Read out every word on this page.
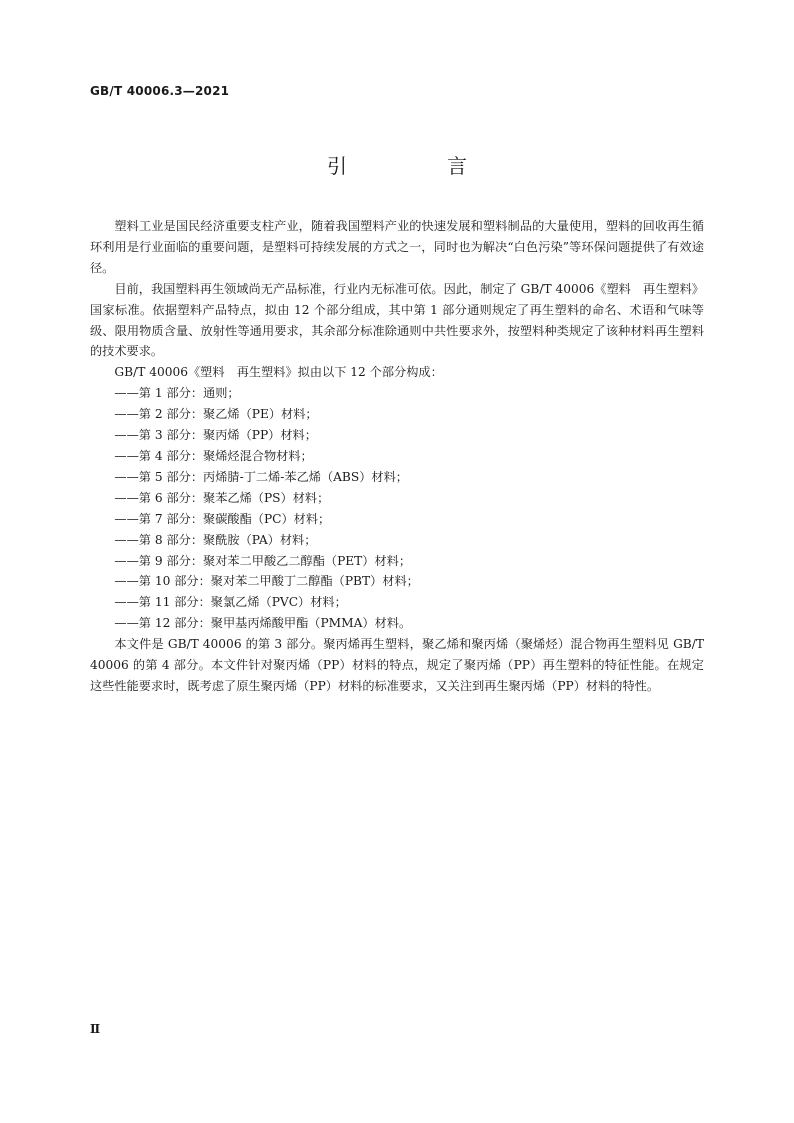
GB/T 40006.3—2021
引　言

塑料工业是国民经济重要支柱产业，随着我国塑料产业的快速发展和塑料制品的大量使用，塑料的回收再生循环利用是行业面临的重要问题，是塑料可持续发展的方式之一，同时也为解决“白色污染”等环保问题提供了有效途径。

目前，我国塑料再生领域尚无产品标准，行业内无标准可依。因此，制定了 GB/T 40006《塑料　再生塑料》国家标准。依据塑料产品特点，拟由 12 个部分组成，其中第 1 部分通则规定了再生塑料的命名、术语和气味等级、限用物质含量、放射性等通用要求，其余部分标准除通则中共性要求外，按塑料种类规定了该种材料再生塑料的技术要求。

GB/T 40006《塑料　再生塑料》拟由以下 12 个部分构成：

——第 1 部分：通则；

——第 2 部分：聚乙烯（PE）材料；

——第 3 部分：聚丙烯（PP）材料；

——第 4 部分：聚烯烃混合物材料；

——第 5 部分：丙烯腈-丁二烯-苯乙烯（ABS）材料；

——第 6 部分：聚苯乙烯（PS）材料；

——第 7 部分：聚碳酸酯（PC）材料；

——第 8 部分：聚酰胺（PA）材料；

——第 9 部分：聚对苯二甲酸乙二醇酯（PET）材料；

——第 10 部分：聚对苯二甲酸丁二醇酯（PBT）材料；

——第 11 部分：聚氯乙烯（PVC）材料；

——第 12 部分：聚甲基丙烯酸甲酯（PMMA）材料。

本文件是 GB/T 40006 的第 3 部分。聚丙烯再生塑料，聚乙烯和聚丙烯（聚烯烃）混合物再生塑料见 GB/T 40006 的第 4 部分。本文件针对聚丙烯（PP）材料的特点，规定了聚丙烯（PP）再生塑料的特征性能。在规定这些性能要求时，既考虑了原生聚丙烯（PP）材料的标准要求，又关注到再生聚丙烯（PP）材料的特性。

Ⅱ
